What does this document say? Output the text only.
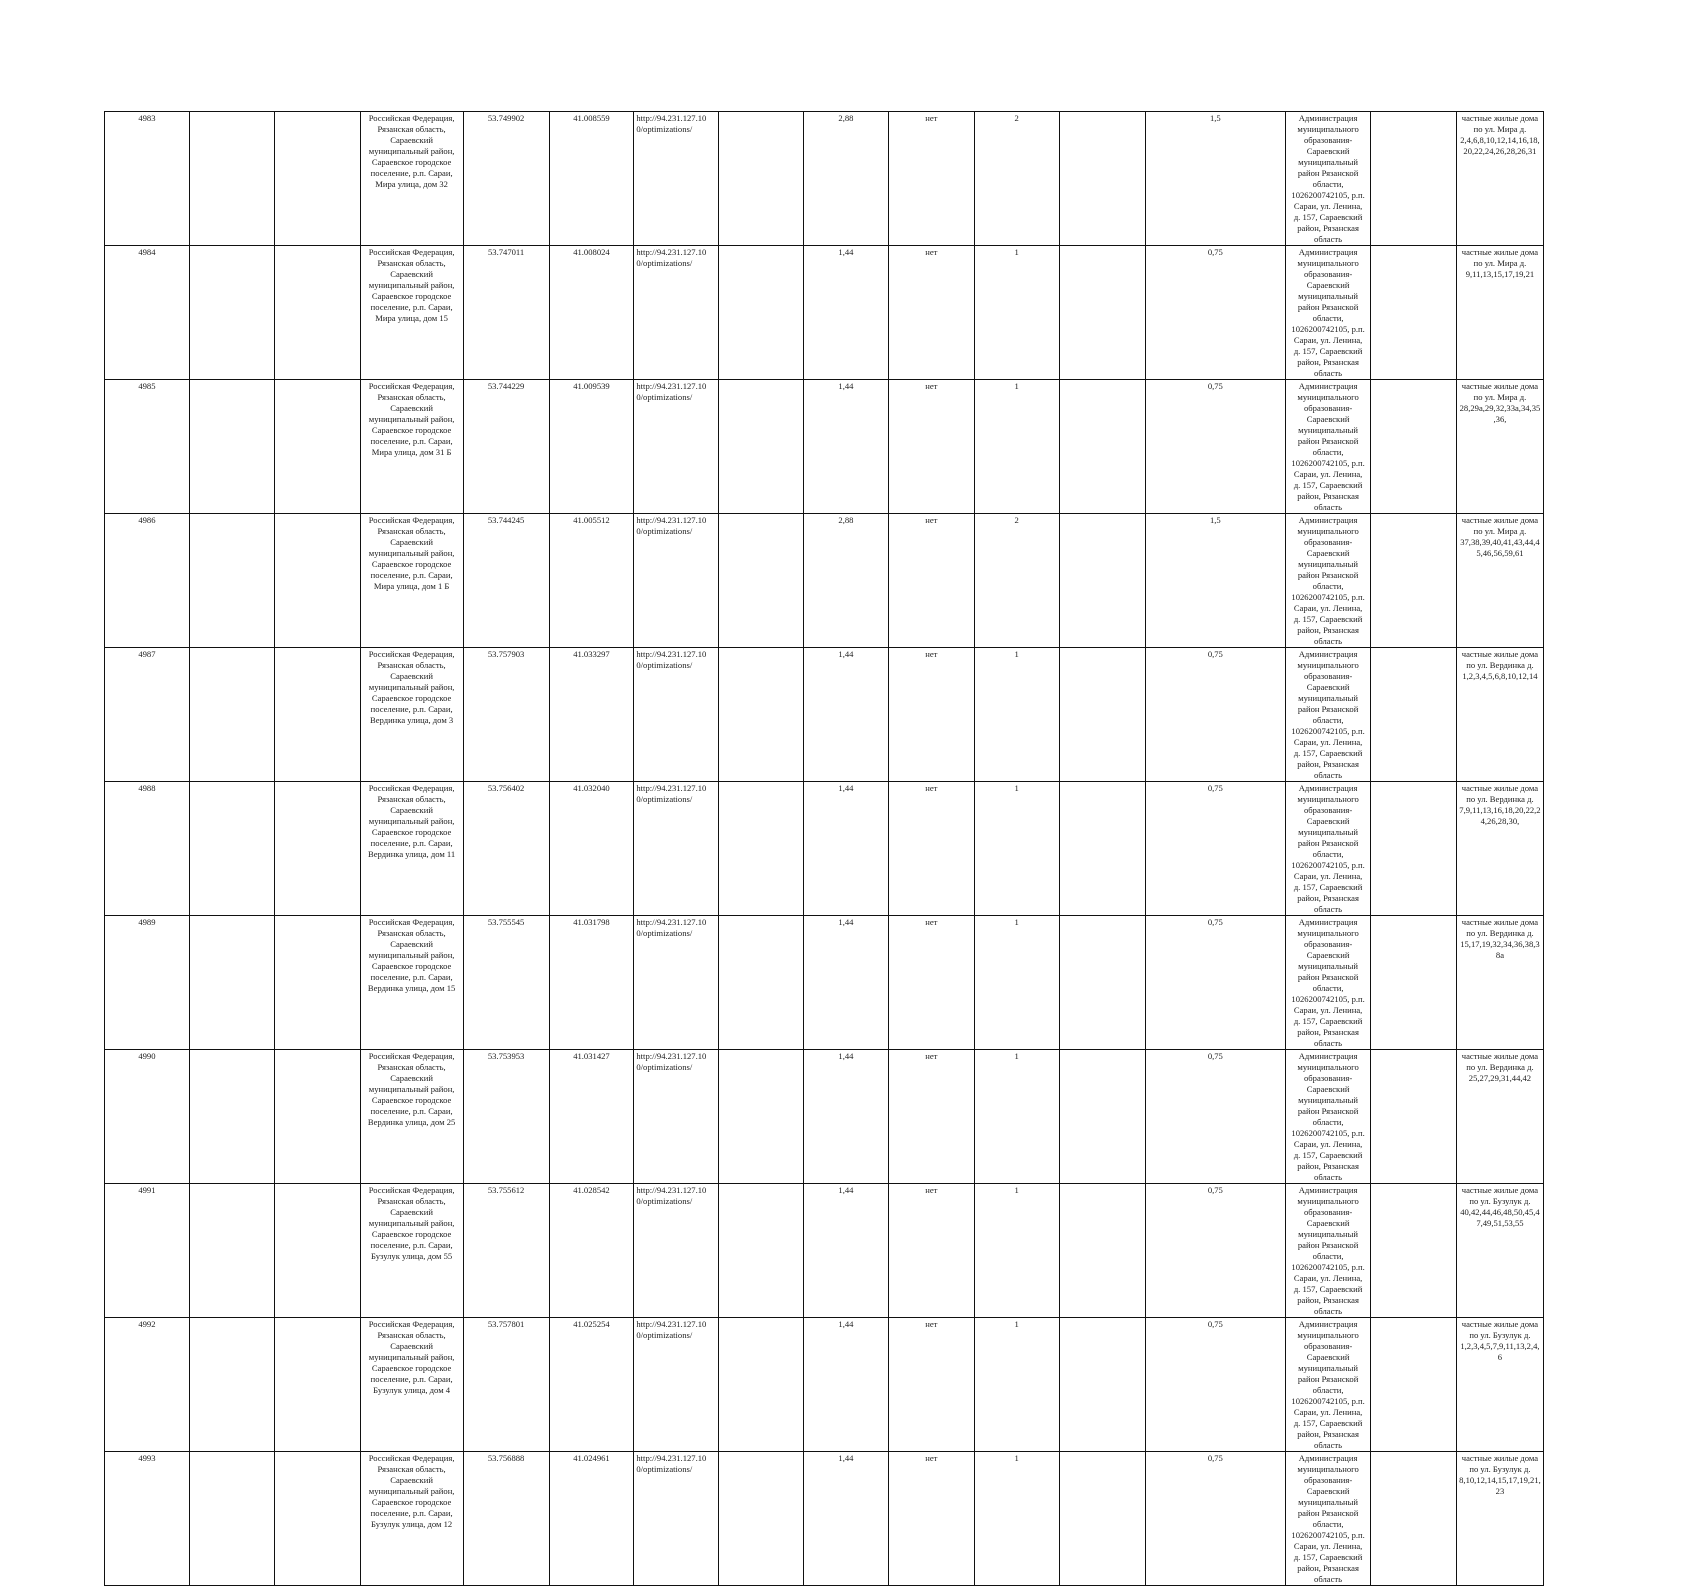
4983			Российская Федерация, Рязанская область, Сараевский муниципальный район, Сараевское городское поселение, р.п. Сараи, Мира улица, дом 32	53.749902	41.008559	http://94.231.127.10 0/optimizations/		2,88	нет	2		1,5	Администрация муниципального образования- Сараевский муниципальный район Рязанской области, 1026200742105, р.п. Сараи, ул. Ленина, д. 157, Сараевский район, Рязанская область		частные жилые дома по ул. Мира д. 2,4,6,8,10,12,14,16,18,20,22,24,26,28,26,31
4984			Российская Федерация, Рязанская область, Сараевский муниципальный район, Сараевское городское поселение, р.п. Сараи, Мира улица, дом 15	53.747011	41.008024	http://94.231.127.10 0/optimizations/		1,44	нет	1		0,75	Администрация муниципального образования- Сараевский муниципальный район Рязанской области, 1026200742105, р.п. Сараи, ул. Ленина, д. 157, Сараевский район, Рязанская область		частные жилые дома по ул. Мира д. 9,11,13,15,17,19,21
4985			Российская Федерация, Рязанская область, Сараевский муниципальный район, Сараевское городское поселение, р.п. Сараи, Мира улица, дом 31 Б	53.744229	41.009539	http://94.231.127.10 0/optimizations/		1,44	нет	1		0,75	Администрация муниципального образования- Сараевский муниципальный район Рязанской области, 1026200742105, р.п. Сараи, ул. Ленина, д. 157, Сараевский район, Рязанская область		частные жилые дома по ул. Мира д. 28,29а,29,32,33а,34,35,36,
4986			Российская Федерация, Рязанская область, Сараевский муниципальный район, Сараевское городское поселение, р.п. Сараи, Мира улица, дом 1 Б	53.744245	41.005512	http://94.231.127.10 0/optimizations/		2,88	нет	2		1,5	Администрация муниципального образования- Сараевский муниципальный район Рязанской области, 1026200742105, р.п. Сараи, ул. Ленина, д. 157, Сараевский район, Рязанская область		частные жилые дома по ул. Мира д. 37,38,39,40,41,43,44,45,46,56,59,61
4987			Российская Федерация, Рязанская область, Сараевский муниципальный район, Сараевское городское поселение, р.п. Сараи, Вердинка улица, дом 3	53.757903	41.033297	http://94.231.127.10 0/optimizations/		1,44	нет	1		0,75	Администрация муниципального образования- Сараевский муниципальный район Рязанской области, 1026200742105, р.п. Сараи, ул. Ленина, д. 157, Сараевский район, Рязанская область		частные жилые дома по ул. Вердинка д. 1,2,3,4,5,6,8,10,12,14
4988			Российская Федерация, Рязанская область, Сараевский муниципальный район, Сараевское городское поселение, р.п. Сараи, Вердинка улица, дом 11	53.756402	41.032040	http://94.231.127.10 0/optimizations/		1,44	нет	1		0,75	Администрация муниципального образования- Сараевский муниципальный район Рязанской области, 1026200742105, р.п. Сараи, ул. Ленина, д. 157, Сараевский район, Рязанская область		частные жилые дома по ул. Вердинка д. 7,9,11,13,16,18,20,22,24,26,28,30,
4989			Российская Федерация, Рязанская область, Сараевский муниципальный район, Сараевское городское поселение, р.п. Сараи, Вердинка улица, дом 15	53.755545	41.031798	http://94.231.127.10 0/optimizations/		1,44	нет	1		0,75	Администрация муниципального образования- Сараевский муниципальный район Рязанской области, 1026200742105, р.п. Сараи, ул. Ленина, д. 157, Сараевский район, Рязанская область		частные жилые дома по ул. Вердинка д. 15,17,19,32,34,36,38,38а
4990			Российская Федерация, Рязанская область, Сараевский муниципальный район, Сараевское городское поселение, р.п. Сараи, Вердинка улица, дом 25	53.753953	41.031427	http://94.231.127.10 0/optimizations/		1,44	нет	1		0,75	Администрация муниципального образования- Сараевский муниципальный район Рязанской области, 1026200742105, р.п. Сараи, ул. Ленина, д. 157, Сараевский район, Рязанская область		частные жилые дома по ул. Вердинка д. 25,27,29,31,44,42
4991			Российская Федерация, Рязанская область, Сараевский муниципальный район, Сараевское городское поселение, р.п. Сараи, Бузулук улица, дом 55	53.755612	41.028542	http://94.231.127.10 0/optimizations/		1,44	нет	1		0,75	Администрация муниципального образования- Сараевский муниципальный район Рязанской области, 1026200742105, р.п. Сараи, ул. Ленина, д. 157, Сараевский район, Рязанская область		частные жилые дома по ул. Бузулук д. 40,42,44,46,48,50,45,47,49,51,53,55
4992			Российская Федерация, Рязанская область, Сараевский муниципальный район, Сараевское городское поселение, р.п. Сараи, Бузулук улица, дом 4	53.757801	41.025254	http://94.231.127.10 0/optimizations/		1,44	нет	1		0,75	Администрация муниципального образования- Сараевский муниципальный район Рязанской области, 1026200742105, р.п. Сараи, ул. Ленина, д. 157, Сараевский район, Рязанская область		частные жилые дома по ул. Бузулук д. 1,2,3,4,5,7,9,11,13,2,4,6
4993			Российская Федерация, Рязанская область, Сараевский муниципальный район, Сараевское городское поселение, р.п. Сараи, Бузулук улица, дом 12	53.756888	41.024961	http://94.231.127.10 0/optimizations/		1,44	нет	1		0,75	Администрация муниципального образования- Сараевский муниципальный район Рязанской области, 1026200742105, р.п. Сараи, ул. Ленина, д. 157, Сараевский район, Рязанская область		частные жилые дома по ул. Бузулук д. 8,10,12,14,15,17,19,21,23
